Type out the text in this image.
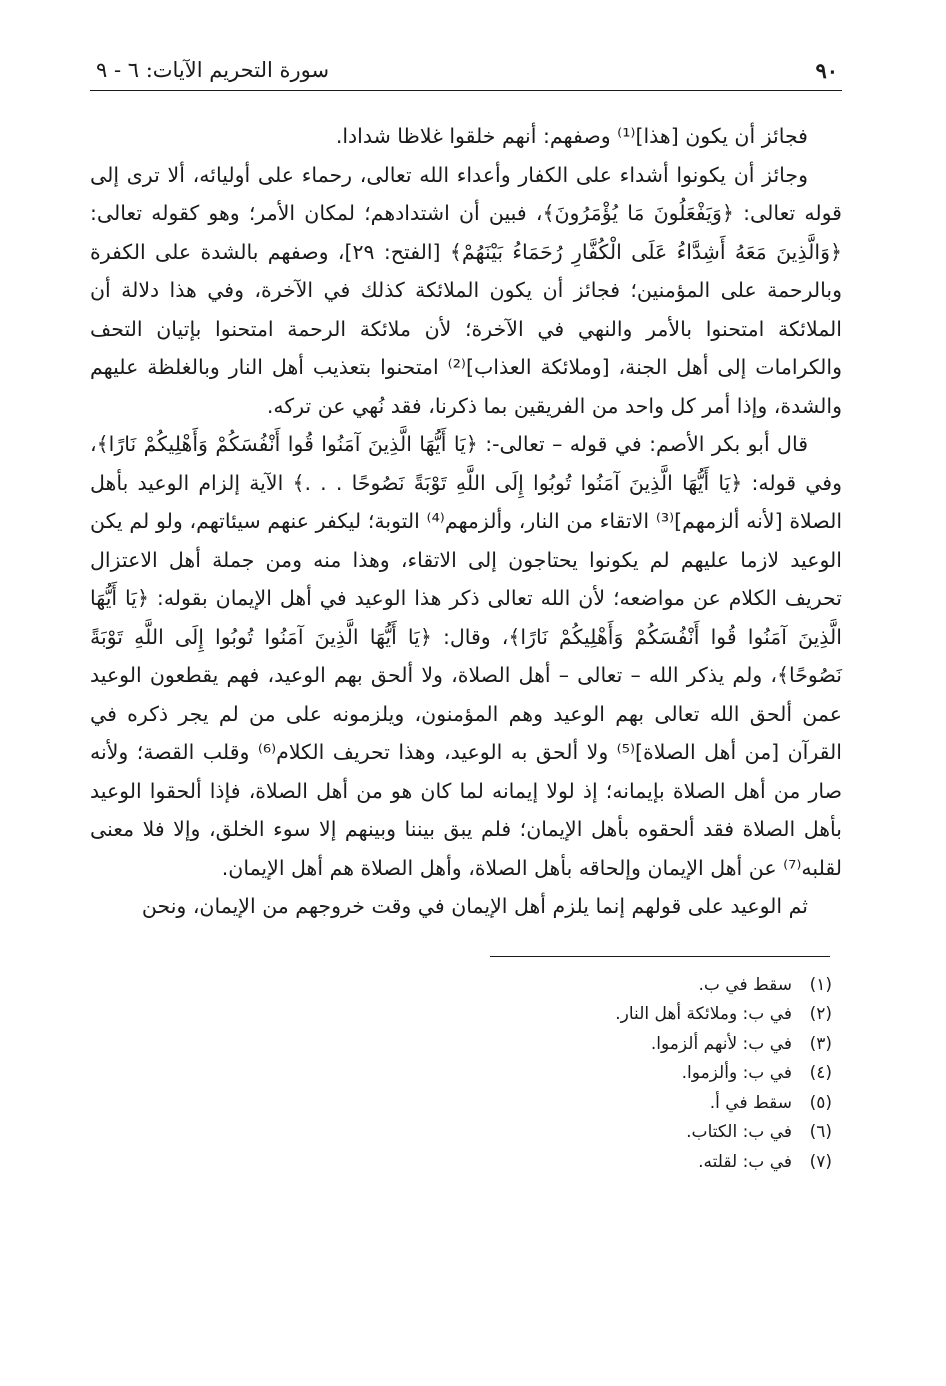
٩٠
سورة التحريم الآيات: ٦ - ٩

فجائز أن يكون [هذا]⁽¹⁾ وصفهم: أنهم خلقوا غلاظا شدادا.

وجائز أن يكونوا أشداء على الكفار وأعداء الله تعالى، رحماء على أوليائه، ألا ترى إلى قوله تعالى: ﴿وَيَفْعَلُونَ مَا يُؤْمَرُونَ﴾، فبين أن اشتدادهم؛ لمكان الأمر؛ وهو كقوله تعالى: ﴿وَالَّذِينَ مَعَهُ أَشِدَّاءُ عَلَى الْكُفَّارِ رُحَمَاءُ بَيْنَهُمْ﴾ [الفتح: ٢٩]، وصفهم بالشدة على الكفرة وبالرحمة على المؤمنين؛ فجائز أن يكون الملائكة كذلك في الآخرة، وفي هذا دلالة أن الملائكة امتحنوا بالأمر والنهي في الآخرة؛ لأن ملائكة الرحمة امتحنوا بإتيان التحف والكرامات إلى أهل الجنة، [وملائكة العذاب]⁽²⁾ امتحنوا بتعذيب أهل النار وبالغلظة عليهم والشدة، وإذا أمر كل واحد من الفريقين بما ذكرنا، فقد نُهي عن تركه.

قال أبو بكر الأصم: في قوله – تعالى-: ﴿يَا أَيُّهَا الَّذِينَ آمَنُوا قُوا أَنْفُسَكُمْ وَأَهْلِيكُمْ نَارًا﴾، وفي قوله: ﴿يَا أَيُّهَا الَّذِينَ آمَنُوا تُوبُوا إِلَى اللَّهِ تَوْبَةً نَصُوحًا . . .﴾ الآية إلزام الوعيد بأهل الصلاة [لأنه ألزمهم]⁽³⁾ الاتقاء من النار، وألزمهم⁽⁴⁾ التوبة؛ ليكفر عنهم سيئاتهم، ولو لم يكن الوعيد لازما عليهم لم يكونوا يحتاجون إلى الاتقاء، وهذا منه ومن جملة أهل الاعتزال تحريف الكلام عن مواضعه؛ لأن الله تعالى ذكر هذا الوعيد في أهل الإيمان بقوله: ﴿يَا أَيُّهَا الَّذِينَ آمَنُوا قُوا أَنْفُسَكُمْ وَأَهْلِيكُمْ نَارًا﴾، وقال: ﴿يَا أَيُّهَا الَّذِينَ آمَنُوا تُوبُوا إِلَى اللَّهِ تَوْبَةً نَصُوحًا﴾، ولم يذكر الله – تعالى – أهل الصلاة، ولا ألحق بهم الوعيد، فهم يقطعون الوعيد عمن ألحق الله تعالى بهم الوعيد وهم المؤمنون، ويلزمونه على من لم يجر ذكره في القرآن [من أهل الصلاة]⁽⁵⁾ ولا ألحق به الوعيد، وهذا تحريف الكلام⁽⁶⁾ وقلب القصة؛ ولأنه صار من أهل الصلاة بإيمانه؛ إذ لولا إيمانه لما كان هو من أهل الصلاة، فإذا ألحقوا الوعيد بأهل الصلاة فقد ألحقوه بأهل الإيمان؛ فلم يبق بيننا وبينهم إلا سوء الخلق، وإلا فلا معنى لقلبه⁽⁷⁾ عن أهل الإيمان وإلحاقه بأهل الصلاة، وأهل الصلاة هم أهل الإيمان.

ثم الوعيد على قولهم إنما يلزم أهل الإيمان في وقت خروجهم من الإيمان، ونحن

(١)
سقط في ب.
(٢)
في ب: وملائكة أهل النار.
(٣)
في ب: لأنهم ألزموا.
(٤)
في ب: وألزموا.
(٥)
سقط في أ.
(٦)
في ب: الكتاب.
(٧)
في ب: لقلته.
